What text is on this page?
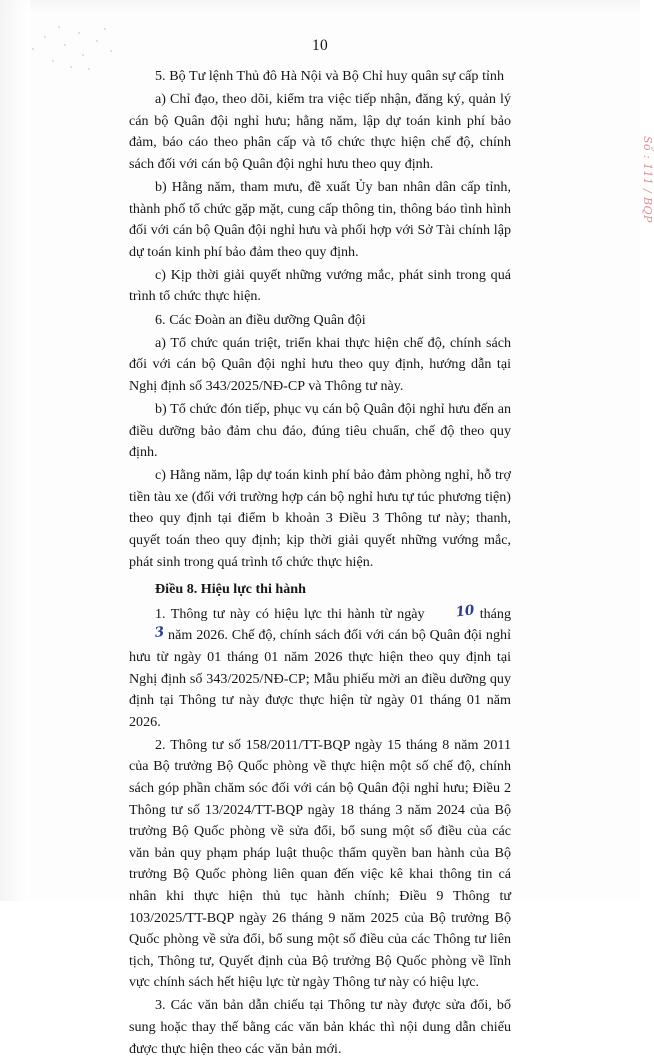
10

5. Bộ Tư lệnh Thủ đô Hà Nội và Bộ Chỉ huy quân sự cấp tỉnh

a) Chỉ đạo, theo dõi, kiểm tra việc tiếp nhận, đăng ký, quản lý cán bộ Quân đội nghỉ hưu; hằng năm, lập dự toán kinh phí bảo đảm, báo cáo theo phân cấp và tổ chức thực hiện chế độ, chính sách đối với cán bộ Quân đội nghỉ hưu theo quy định.

b) Hằng năm, tham mưu, đề xuất Ủy ban nhân dân cấp tỉnh, thành phố tổ chức gặp mặt, cung cấp thông tin, thông báo tình hình đối với cán bộ Quân đội nghỉ hưu và phối hợp với Sở Tài chính lập dự toán kinh phí bảo đảm theo quy định.

c) Kịp thời giải quyết những vướng mắc, phát sinh trong quá trình tổ chức thực hiện.

6. Các Đoàn an điều dưỡng Quân đội

a) Tổ chức quán triệt, triển khai thực hiện chế độ, chính sách đối với cán bộ Quân đội nghỉ hưu theo quy định, hướng dẫn tại Nghị định số 343/2025/NĐ-CP và Thông tư này.

b) Tổ chức đón tiếp, phục vụ cán bộ Quân đội nghỉ hưu đến an điều dưỡng bảo đảm chu đáo, đúng tiêu chuẩn, chế độ theo quy định.

c) Hằng năm, lập dự toán kinh phí bảo đảm phòng nghỉ, hỗ trợ tiền tàu xe (đối với trường hợp cán bộ nghỉ hưu tự túc phương tiện) theo quy định tại điểm b khoản 3 Điều 3 Thông tư này; thanh, quyết toán theo quy định; kịp thời giải quyết những vướng mắc, phát sinh trong quá trình tổ chức thực hiện.

Điều 8. Hiệu lực thi hành

1. Thông tư này có hiệu lực thi hành từ ngày 10 tháng 3 năm 2026. Chế độ, chính sách đối với cán bộ Quân đội nghỉ hưu từ ngày 01 tháng 01 năm 2026 thực hiện theo quy định tại Nghị định số 343/2025/NĐ-CP; Mẫu phiếu mời an điều dưỡng quy định tại Thông tư này được thực hiện từ ngày 01 tháng 01 năm 2026.

2. Thông tư số 158/2011/TT-BQP ngày 15 tháng 8 năm 2011 của Bộ trưởng Bộ Quốc phòng về thực hiện một số chế độ, chính sách góp phần chăm sóc đối với cán bộ Quân đội nghỉ hưu; Điều 2 Thông tư số 13/2024/TT-BQP ngày 18 tháng 3 năm 2024 của Bộ trưởng Bộ Quốc phòng về sửa đổi, bổ sung một số điều của các văn bản quy phạm pháp luật thuộc thẩm quyền ban hành của Bộ trưởng Bộ Quốc phòng liên quan đến việc kê khai thông tin cá nhân khi thực hiện thủ tục hành chính; Điều 9 Thông tư 103/2025/TT-BQP ngày 26 tháng 9 năm 2025 của Bộ trưởng Bộ Quốc phòng về sửa đổi, bổ sung một số điều của các Thông tư liên tịch, Thông tư, Quyết định của Bộ trưởng Bộ Quốc phòng về lĩnh vực chính sách hết hiệu lực từ ngày Thông tư này có hiệu lực.

3. Các văn bản dẫn chiếu tại Thông tư này được sửa đổi, bổ sung hoặc thay thế bằng các văn bản khác thì nội dung dẫn chiếu được thực hiện theo các văn bản mới.

Số : 111 / BQP
